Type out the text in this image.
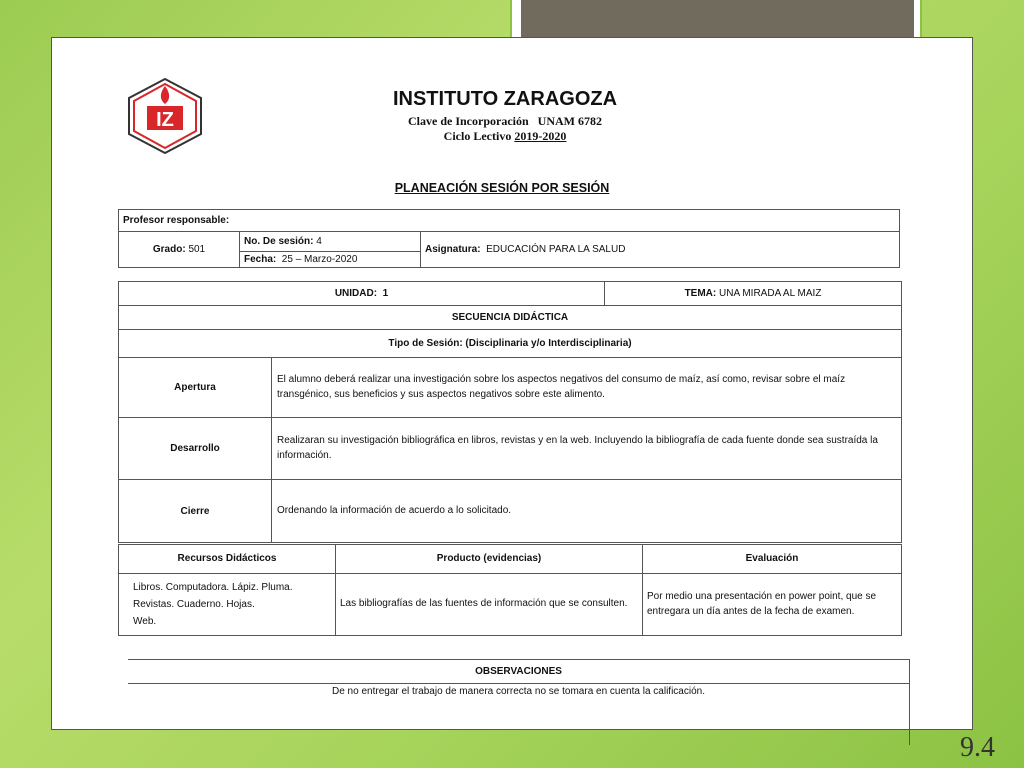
IZ
INSTITUTO ZARAGOZA
Clave de Incorporación UNAM 6782
Ciclo Lectivo 2019-2020
PLANEACIÓN SESIÓN POR SESIÓN
Profesor responsable:
Grado: 501	No. De sesión: 4	Asignatura: EDUCACIÓN PARA LA SALUD
Fecha: 25 – Marzo-2020
UNIDAD: 1		TEMA: UNA MIRADA AL MAIZ
SECUENCIA DIDÁCTICA		
Tipo de Sesión: (Disciplinaria y/o Interdisciplinaria)		
Apertura	El alumno deberá realizar una investigación sobre los aspectos negativos del consumo de maíz, así como, revisar sobre el maíz transgénico, sus beneficios y sus aspectos negativos sobre este alimento.	
Desarrollo	Realizaran su investigación bibliográfica en libros, revistas y en la web. Incluyendo la bibliografía de cada fuente donde sea sustraída la información.	
Cierre	Ordenando la información de acuerdo a lo solicitado.	
Recursos Didácticos	Producto (evidencias)	Evaluación

Libros. Computadora. Lápiz. Pluma.
Revistas. Cuaderno. Hojas.
Web.	Las bibliografías de las fuentes de información que se consulten.	Por medio una presentación en power point, que se entregara un día antes de la fecha de examen.
OBSERVACIONES
De no entregar el trabajo de manera correcta no se tomara en cuenta la calificación.
9.4
